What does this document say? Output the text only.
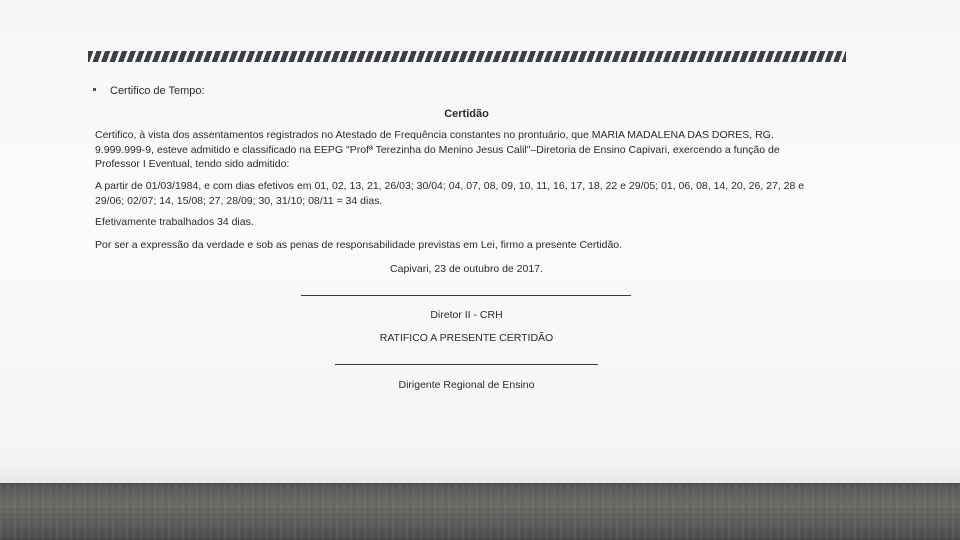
Certifico de Tempo:
Certidão
Certifico, à vista dos assentamentos registrados no Atestado de Frequência constantes no prontuário, que MARIA MADALENA DAS DORES, RG. 9.999.999-9, esteve admitido e classificado na EEPG "Profª Terezinha do Menino Jesus Calil"–Diretoria de Ensino Capivari, exercendo a função de Professor I Eventual, tendo sido admitido:
A partir de 01/03/1984, e com dias efetivos em 01, 02, 13, 21, 26/03; 30/04; 04, 07, 08, 09, 10, 11, 16, 17, 18, 22 e 29/05; 01, 06, 08, 14, 20, 26, 27, 28 e 29/06; 02/07; 14, 15/08; 27, 28/09; 30, 31/10; 08/11 = 34 dias.
Efetivamente trabalhados 34 dias.
Por ser a expressão da verdade e sob as penas de responsabilidade previstas em Lei, firmo a presente Certidão.
Capivari, 23 de outubro de 2017.
Diretor II - CRH
RATIFICO A PRESENTE CERTIDÃO
Dirigente Regional de Ensino
